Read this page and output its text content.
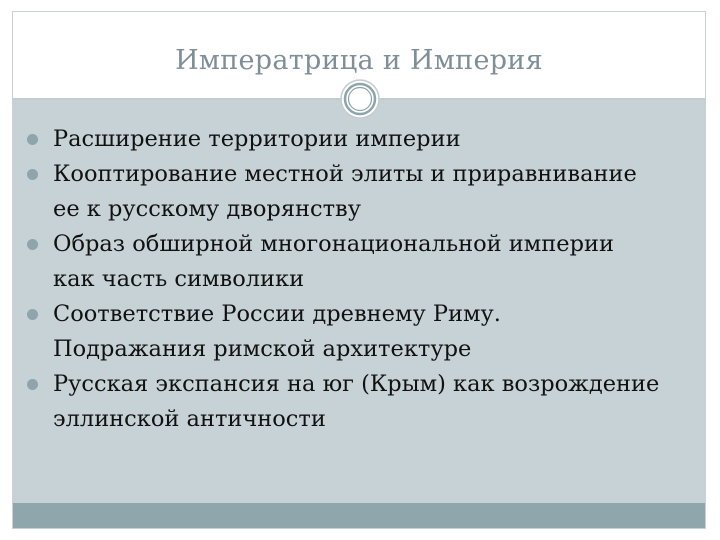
Императрица и Империя
Расширение территории империи
Кооптирование местной элиты и приравнивание
ее к русскому дворянству
Образ обширной многонациональной империи
как часть символики
Соответствие России древнему Риму.
Подражания римской архитектуре
Русская экспансия на юг (Крым) как возрождение
эллинской античности
